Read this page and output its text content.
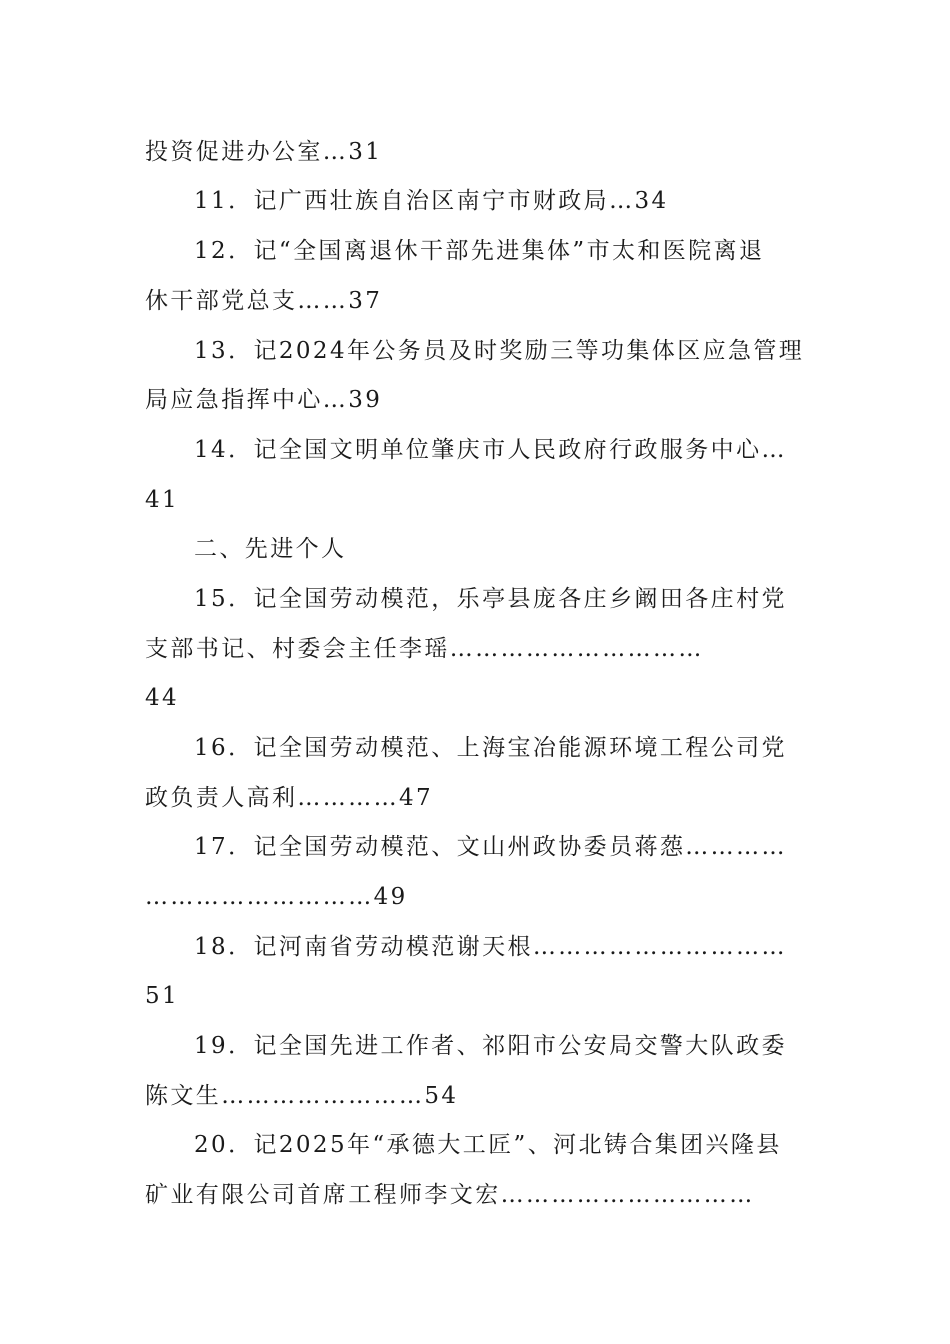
投资促进办公室…31
11．记广西壮族自治区南宁市财政局…34
12．记“全国离退休干部先进集体”市太和医院离退
休干部党总支……37
13．记2024年公务员及时奖励三等功集体区应急管理
局应急指挥中心…39
14．记全国文明单位肇庆市人民政府行政服务中心…
41
二、先进个人
15．记全国劳动模范，乐亭县庞各庄乡阚田各庄村党
支部书记、村委会主任李瑶…………………………
44
16．记全国劳动模范、上海宝冶能源环境工程公司党
政负责人高利…………47
17．记全国劳动模范、文山州政协委员蒋葾…………
………………………49
18．记河南省劳动模范谢天根…………………………
51
19．记全国先进工作者、祁阳市公安局交警大队政委
陈文生……………………54
20．记2025年“承德大工匠”、河北铸合集团兴隆县
矿业有限公司首席工程师李文宏…………………………
